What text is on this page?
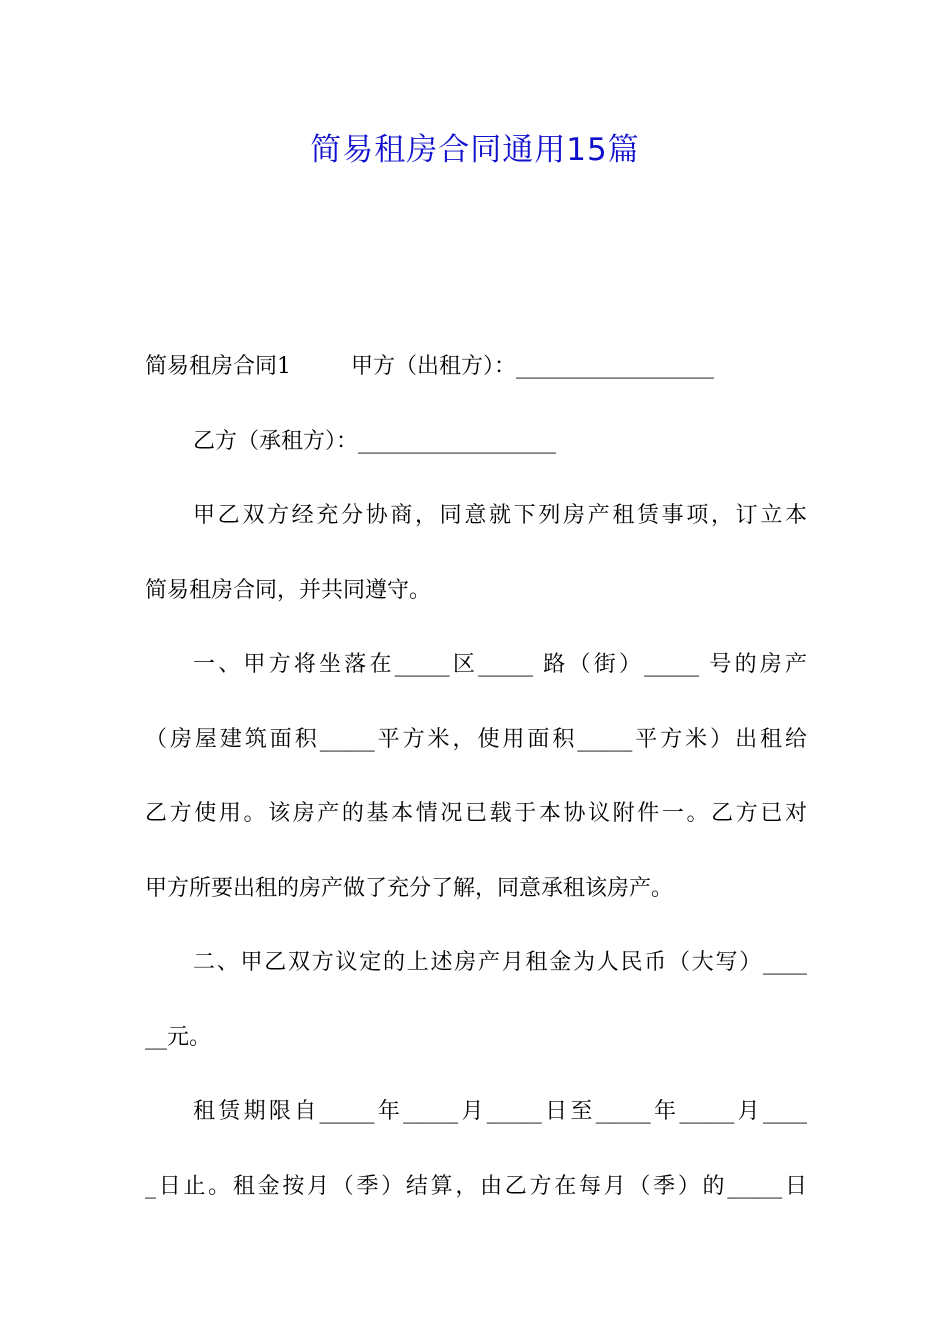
简易租房合同通用15篇
简易租房合同1	甲方（出租方）：__________________
乙方（承租方）：__________________
甲乙双方经充分协商，同意就下列房产租赁事项，订立本
简易租房合同，并共同遵守。
一、甲方将坐落在_____区_____ 路（街）_____ 号的房产
（房屋建筑面积_____平方米，使用面积_____平方米）出租给
乙方使用。该房产的基本情况已载于本协议附件一。乙方已对
甲方所要出租的房产做了充分了解，同意承租该房产。
二、甲乙双方议定的上述房产月租金为人民币（大写）____
__元。
租赁期限自_____年_____月_____日至_____年_____月____
_日止。租金按月（季）结算，由乙方在每月（季）的_____日
